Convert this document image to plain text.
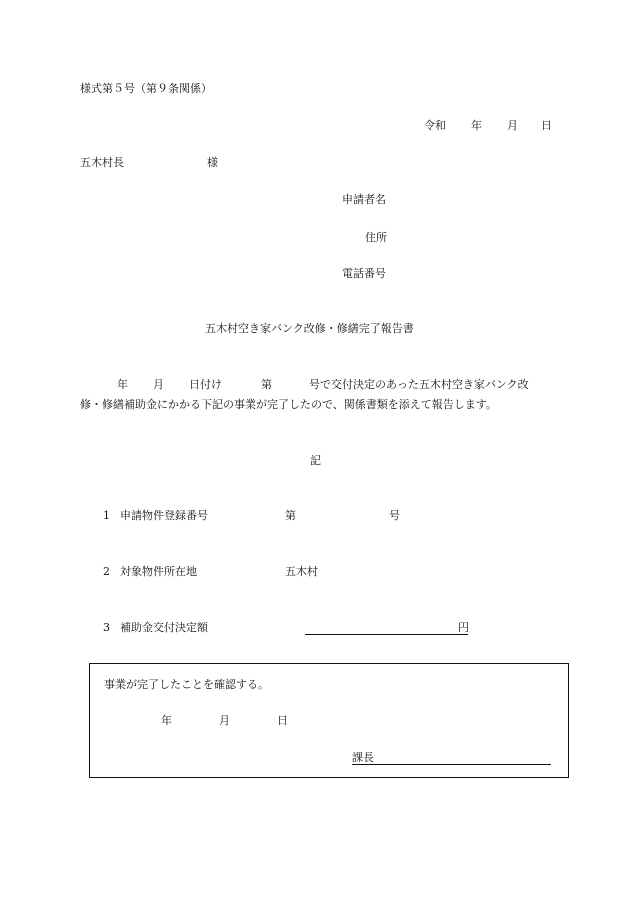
様式第５号（第９条関係）
令和 年 月 日
五木村長	様
申請者名
住所
電話番号
五木村空き家バンク改修・修繕完了報告書
年 月 日付け	第	号で交付決定のあった五木村空き家バンク改
修・修繕補助金にかかる下記の事業が完了したので、関係書類を添えて報告します。
記
1 申請物件登録番号	第	号
2 対象物件所在地	五木村
3 補助金交付決定額	円
事業が完了したことを確認する。
年	月	日
課長
